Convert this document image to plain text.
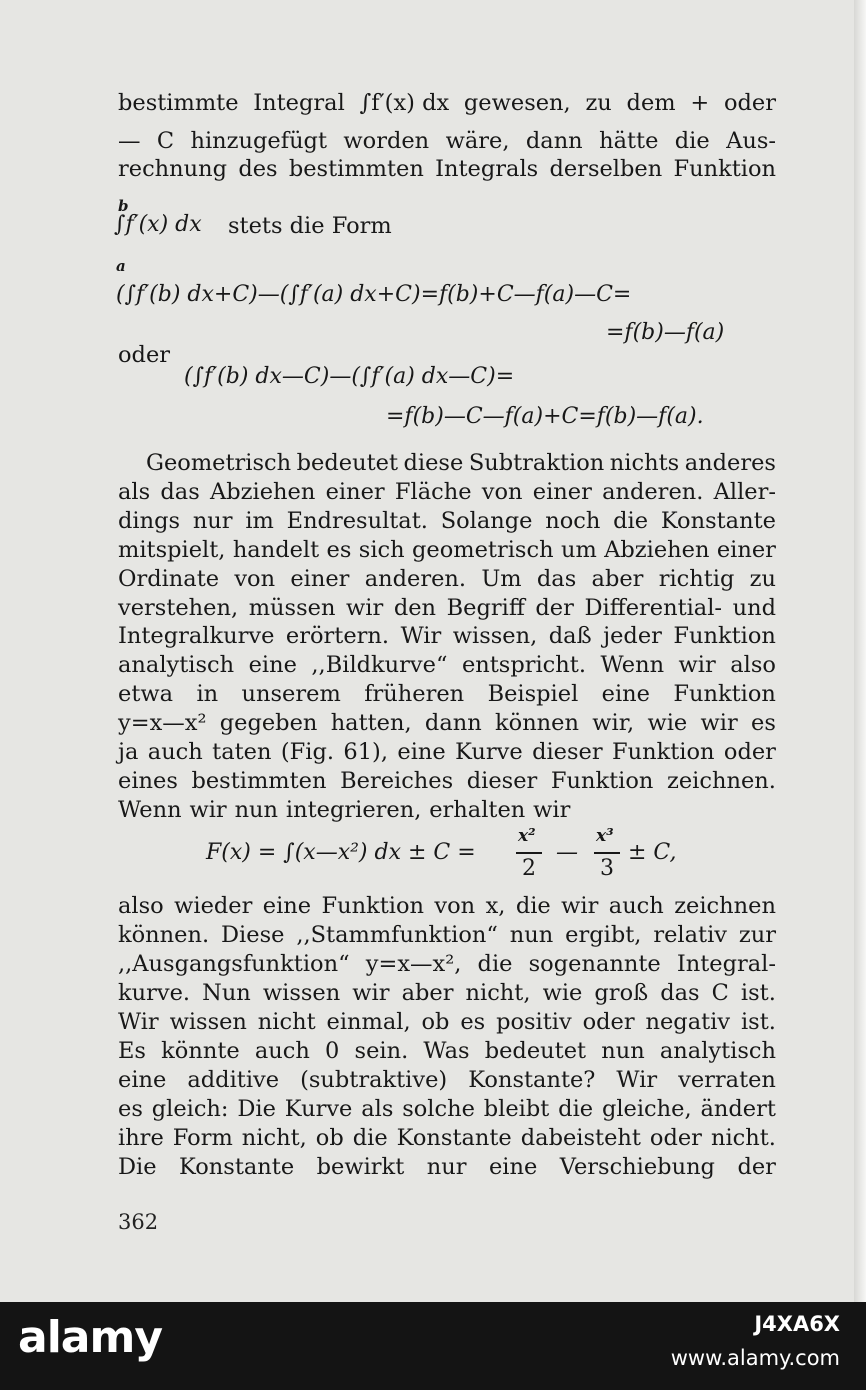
bestimmte Integral ∫f′(x) dx gewesen, zu dem + oder
— C hinzugefügt worden wäre, dann hätte die Aus-
rechnung des bestimmten Integrals derselben Funktion
b
∫f′(x) dx stets die Form
a
(∫f′(b) dx+C)—(∫f′(a) dx+C)=f(b)+C—f(a)—C=
=f(b)—f(a)
oder
(∫f′(b) dx—C)—(∫f′(a) dx—C)=
=f(b)—C—f(a)+C=f(b)—f(a).
Geometrisch bedeutet diese Subtraktion nichts anderes
als das Abziehen einer Fläche von einer anderen. Aller-
dings nur im Endresultat. Solange noch die Konstante
mitspielt, handelt es sich geometrisch um Abziehen einer
Ordinate von einer anderen. Um das aber richtig zu
verstehen, müssen wir den Begriff der Differential- und
Integralkurve erörtern. Wir wissen, daß jeder Funktion
analytisch eine ,,Bildkurve“ entspricht. Wenn wir also
etwa in unserem früheren Beispiel eine Funktion
y=x—x² gegeben hatten, dann können wir, wie wir es
ja auch taten (Fig. 61), eine Kurve dieser Funktion oder
eines bestimmten Bereiches dieser Funktion zeichnen.
Wenn wir nun integrieren, erhalten wir
F(x) = ∫(x—x²) dx ± C =
x²
2
—
x³
3
± C,
also wieder eine Funktion von x, die wir auch zeichnen
können. Diese ,,Stammfunktion“ nun ergibt, relativ zur
,,Ausgangsfunktion“ y=x—x², die sogenannte Integral-
kurve. Nun wissen wir aber nicht, wie groß das C ist.
Wir wissen nicht einmal, ob es positiv oder negativ ist.
Es könnte auch 0 sein. Was bedeutet nun analytisch
eine additive (subtraktive) Konstante? Wir verraten
es gleich: Die Kurve als solche bleibt die gleiche, ändert
ihre Form nicht, ob die Konstante dabeisteht oder nicht.
Die Konstante bewirkt nur eine Verschiebung der
362
alamy	J4XA6X
www.alamy.com
